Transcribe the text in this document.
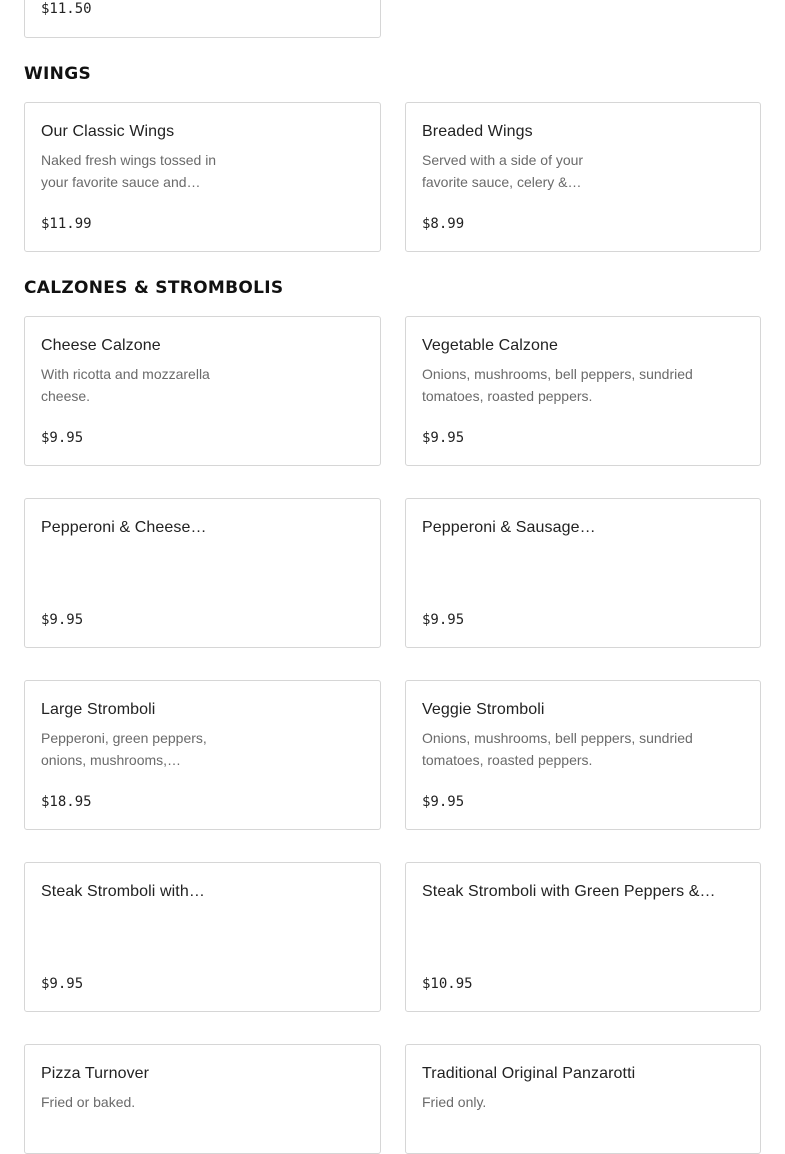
$11.50
WINGS
Our Classic Wings
Naked fresh wings tossed in your favorite sauce and…
$11.99
Breaded Wings
Served with a side of your favorite sauce, celery &…
$8.99
CALZONES & STROMBOLIS
Cheese Calzone
With ricotta and mozzarella cheese.
$9.95
Vegetable Calzone
Onions, mushrooms, bell peppers, sundried tomatoes, roasted peppers.
$9.95
Pepperoni & Cheese…
$9.95
Pepperoni & Sausage…
$9.95
Large Stromboli
Pepperoni, green peppers, onions, mushrooms,…
$18.95
Veggie Stromboli
Onions, mushrooms, bell peppers, sundried tomatoes, roasted peppers.
$9.95
Steak Stromboli with…
$9.95
Steak Stromboli with Green Peppers &…
$10.95
Pizza Turnover
Fried or baked.
Traditional Original Panzarotti
Fried only.
